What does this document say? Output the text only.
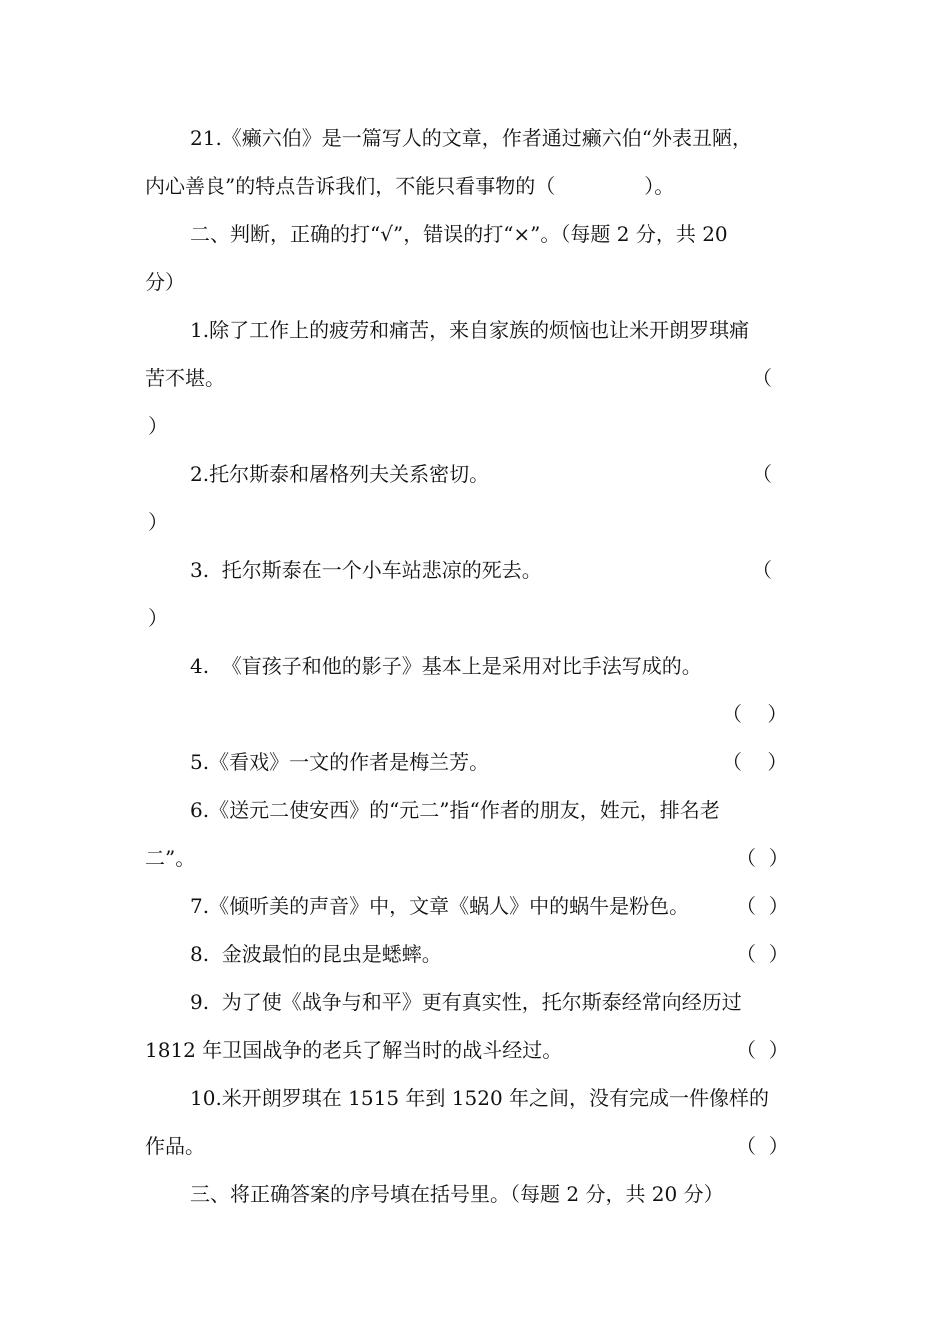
21.《癞六伯》是一篇写人的文章，作者通过癞六伯“外表丑陋，
内心善良”的特点告诉我们，不能只看事物的（              ）。
二、判断，正确的打“√”，错误的打“×”。（每题 2 分，共 20
分）
1.除了工作上的疲劳和痛苦，来自家族的烦恼也让米开朗罗琪痛
苦不堪。	（
）
2.托尔斯泰和屠格列夫关系密切。	（
）
3.  托尔斯泰在一个小车站悲凉的死去。	（
）
4.  《盲孩子和他的影子》基本上是采用对比手法写成的。
（    ）
5.《看戏》一文的作者是梅兰芳。	（    ）
6.《送元二使安西》的“元二”指“作者的朋友，姓元，排名老
二”。	（  ）
7.《倾听美的声音》中，文章《蜗人》中的蜗牛是粉色。 （  ）
8.  金波最怕的昆虫是蟋蟀。	（  ）
9.  为了使《战争与和平》更有真实性，托尔斯泰经常向经历过
1812 年卫国战争的老兵了解当时的战斗经过。	（  ）
10.米开朗罗琪在 1515 年到 1520 年之间，没有完成一件像样的
作品。	（  ）
三、将正确答案的序号填在括号里。（每题 2 分，共 20 分）
